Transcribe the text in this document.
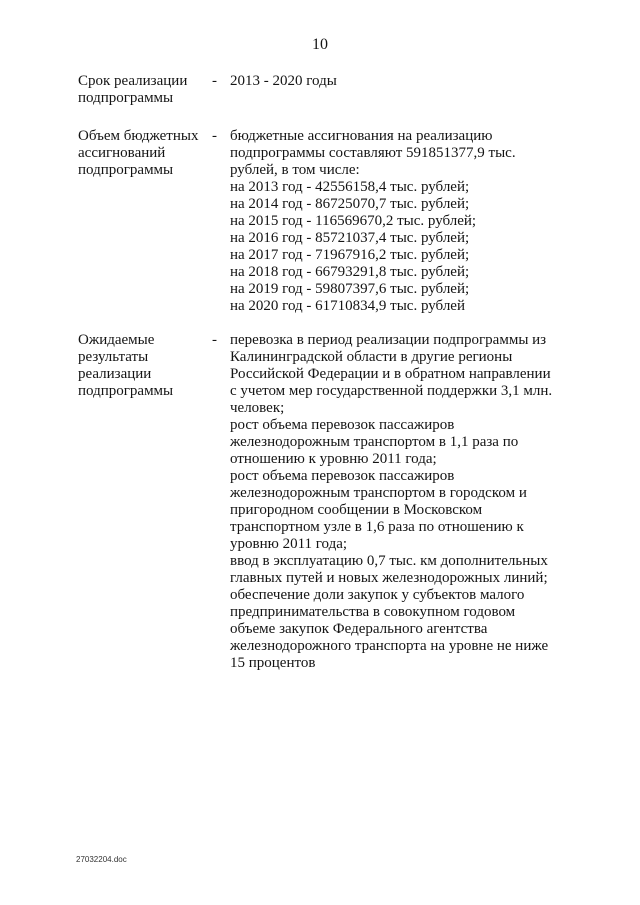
10
Срок реализации
подпрограммы
- 2013 - 2020 годы
Объем бюджетных
ассигнований
подпрограммы
- бюджетные ассигнования на реализацию
подпрограммы составляют 591851377,9 тыс.
рублей, в том числе:
на 2013 год - 42556158,4 тыс. рублей;
на 2014 год - 86725070,7 тыс. рублей;
на 2015 год - 116569670,2 тыс. рублей;
на 2016 год - 85721037,4 тыс. рублей;
на 2017 год - 71967916,2 тыс. рублей;
на 2018 год - 66793291,8 тыс. рублей;
на 2019 год - 59807397,6 тыс. рублей;
на 2020 год - 61710834,9 тыс. рублей
Ожидаемые
результаты
реализации
подпрограммы
- перевозка в период реализации подпрограммы из
Калининградской области в другие регионы
Российской Федерации и в обратном направлении
с учетом мер государственной поддержки 3,1 млн.
человек;
рост объема перевозок пассажиров
железнодорожным транспортом в 1,1 раза по
отношению к уровню 2011 года;
рост объема перевозок пассажиров
железнодорожным транспортом в городском и
пригородном сообщении в Московском
транспортном узле в 1,6 раза по отношению к
уровню 2011 года;
ввод в эксплуатацию 0,7 тыс. км дополнительных
главных путей и новых железнодорожных линий;
обеспечение доли закупок у субъектов малого
предпринимательства в совокупном годовом
объеме закупок Федерального агентства
железнодорожного транспорта на уровне не ниже
15 процентов
27032204.doc
